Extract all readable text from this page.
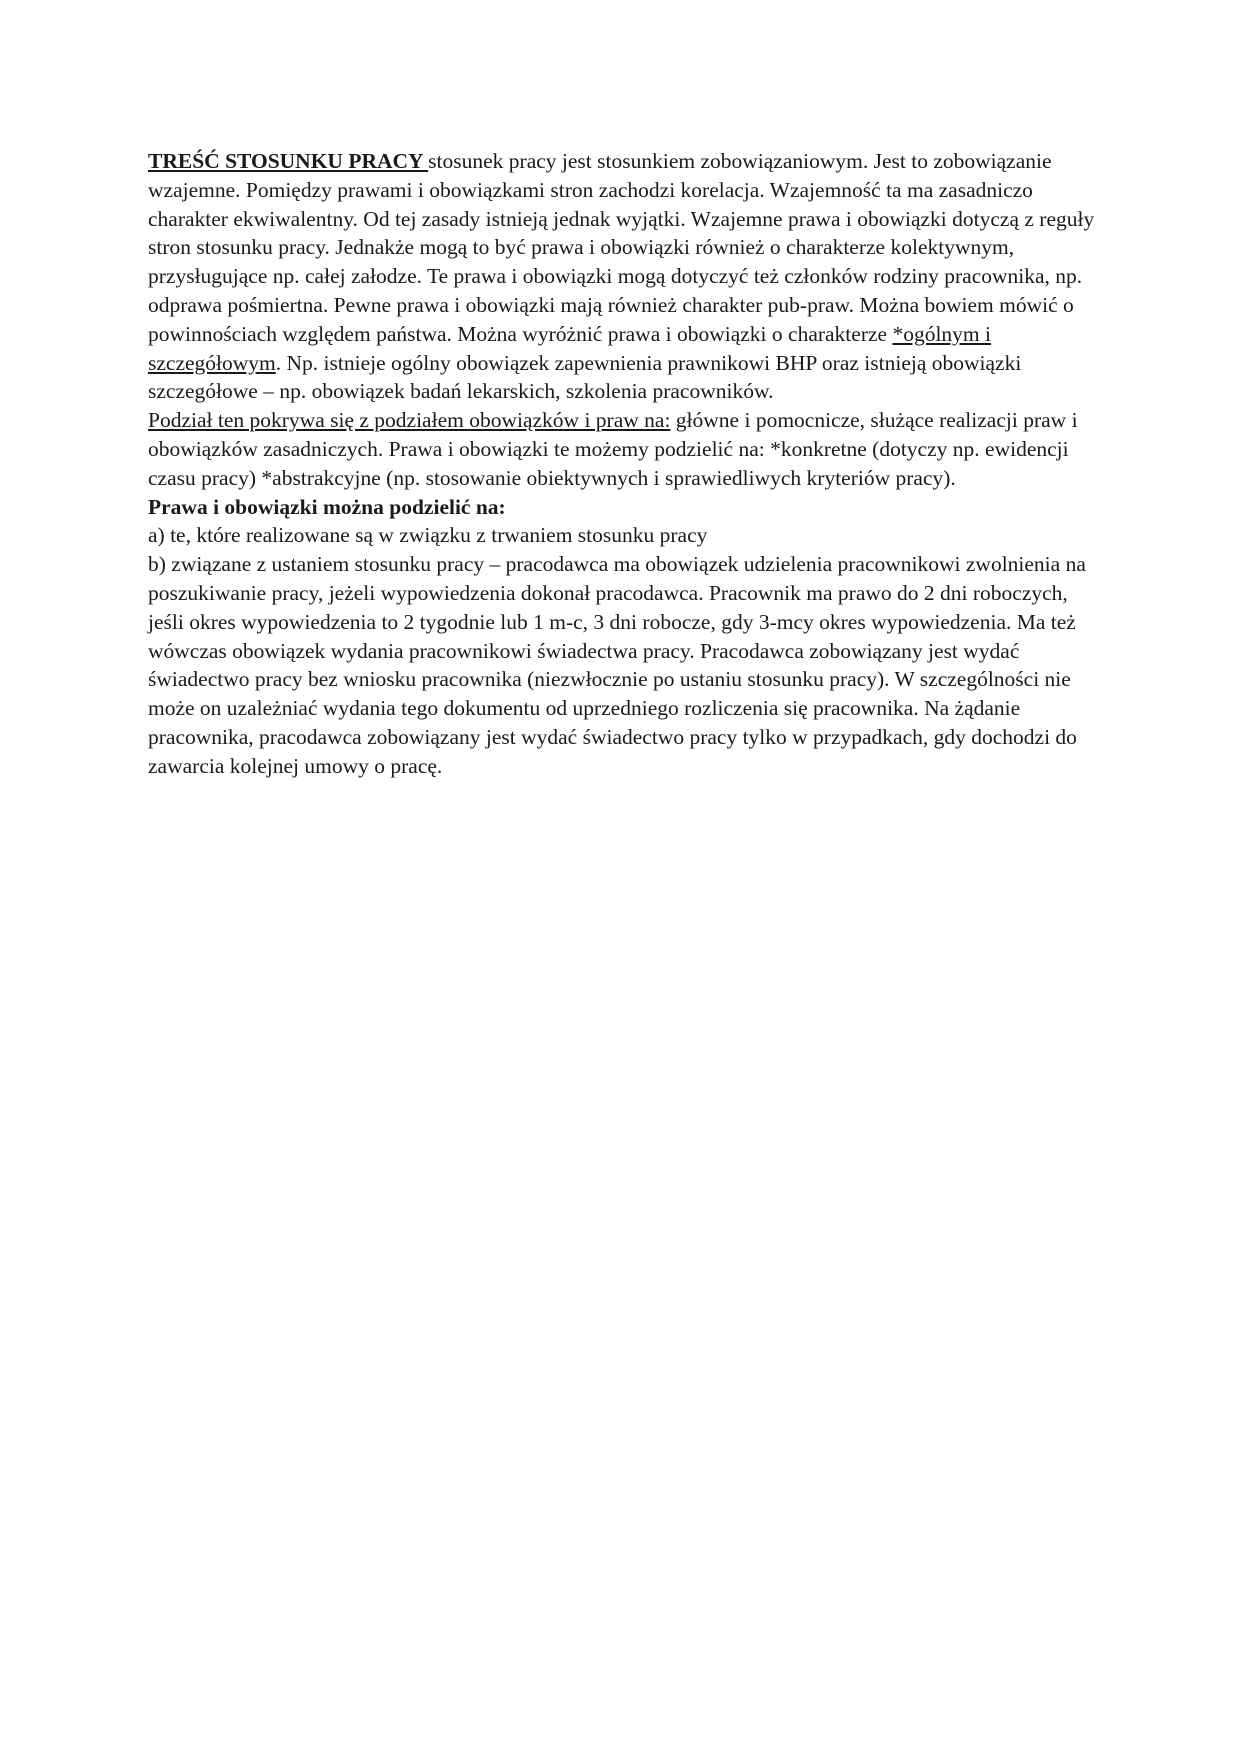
TREŚĆ STOSUNKU PRACY stosunek pracy jest stosunkiem zobowiązaniowym. Jest to zobowiązanie wzajemne. Pomiędzy prawami i obowiązkami stron zachodzi korelacja. Wzajemność ta ma zasadniczo charakter ekwiwalentny. Od tej zasady istnieją jednak wyjątki. Wzajemne prawa i obowiązki dotyczą z reguły stron stosunku pracy. Jednakże mogą to być prawa i obowiązki również o charakterze kolektywnym, przysługujące np. całej załodze. Te prawa i obowiązki mogą dotyczyć też członków rodziny pracownika, np. odprawa pośmiertna. Pewne prawa i obowiązki mają również charakter pub-praw. Można bowiem mówić o powinnościach względem państwa. Można wyróżnić prawa i obowiązki o charakterze *ogólnym i szczegółowym. Np. istnieje ogólny obowiązek zapewnienia prawnikowi BHP oraz istnieją obowiązki szczegółowe – np. obowiązek badań lekarskich, szkolenia pracowników.

Podział ten pokrywa się z podziałem obowiązków i praw na: główne i pomocnicze, służące realizacji praw i obowiązków zasadniczych. Prawa i obowiązki te możemy podzielić na: *konkretne (dotyczy np. ewidencji czasu pracy) *abstrakcyjne (np. stosowanie obiektywnych i sprawiedliwych kryteriów pracy).

Prawa i obowiązki można podzielić na:

a) te, które realizowane są w związku z trwaniem stosunku pracy

b) związane z ustaniem stosunku pracy – pracodawca ma obowiązek udzielenia pracownikowi zwolnienia na poszukiwanie pracy, jeżeli wypowiedzenia dokonał pracodawca. Pracownik ma prawo do 2 dni roboczych, jeśli okres wypowiedzenia to 2 tygodnie lub 1 m-c, 3 dni robocze, gdy 3-mcy okres wypowiedzenia. Ma też wówczas obowiązek wydania pracownikowi świadectwa pracy. Pracodawca zobowiązany jest wydać świadectwo pracy bez wniosku pracownika (niezwłocznie po ustaniu stosunku pracy). W szczególności nie może on uzależniać wydania tego dokumentu od uprzedniego rozliczenia się pracownika. Na żądanie pracownika, pracodawca zobowiązany jest wydać świadectwo pracy tylko w przypadkach, gdy dochodzi do zawarcia kolejnej umowy o pracę.
